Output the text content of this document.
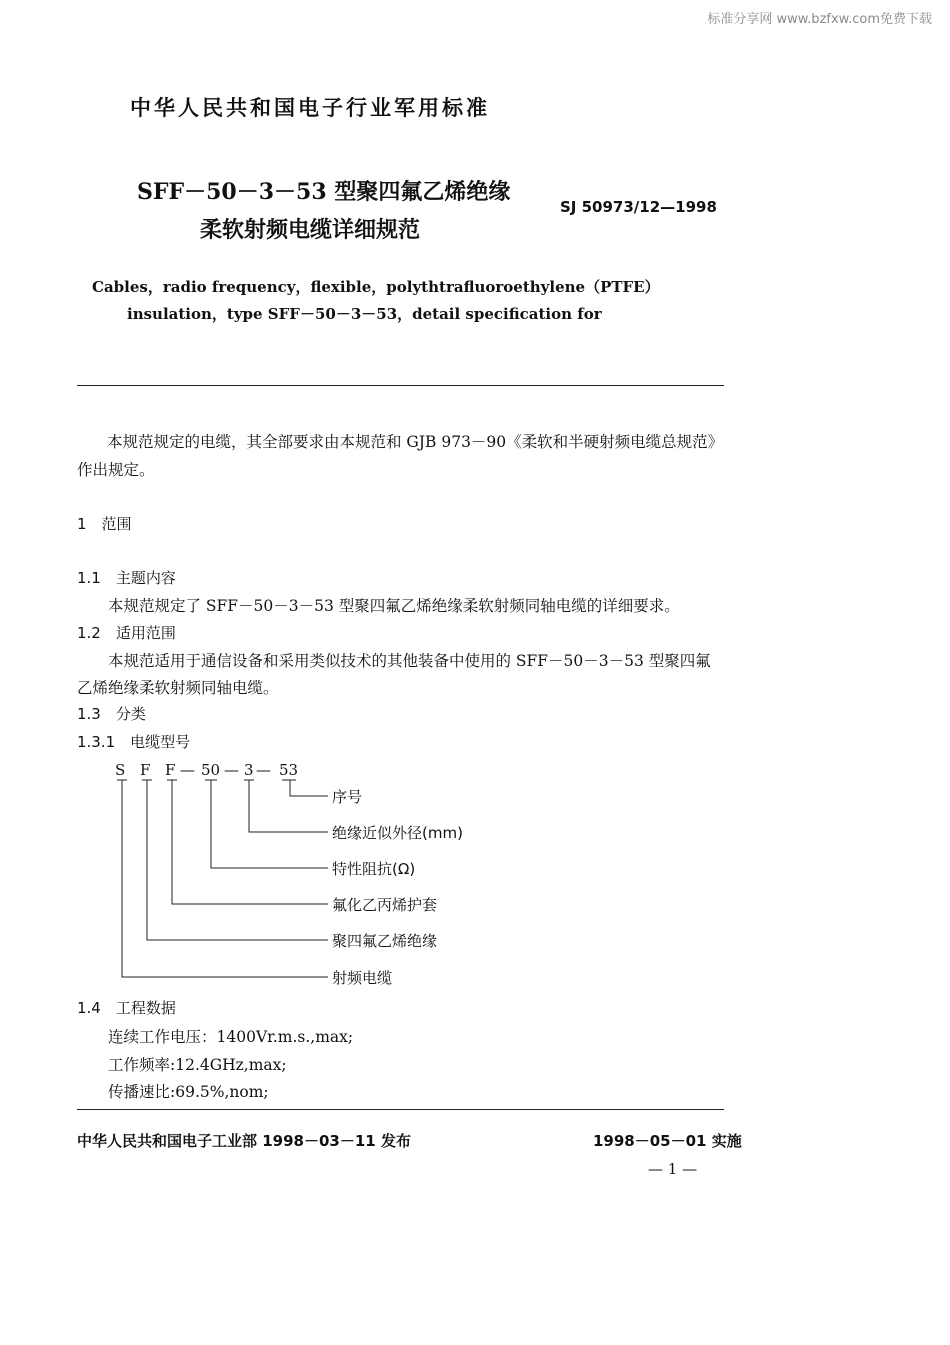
标准分享网 www.bzfxw.com免费下载
中华人民共和国电子行业军用标准
SFF－50－3－53 型聚四氟乙烯绝缘
柔软射频电缆详细规范
SJ 50973/12—1998
Cables，radio frequency，flexible，polythtrafluoroethylene（PTFE）
insulation，type SFF－50－3－53，detail specification for
本规范规定的电缆，其全部要求由本规范和 GJB 973－90《柔软和半硬射频电缆总规范》作出规定。
1　范围
1.1　主题内容
本规范规定了 SFF－50－3－53 型聚四氟乙烯绝缘柔软射频同轴电缆的详细要求。
1.2　适用范围
本规范适用于通信设备和采用类似技术的其他装备中使用的 SFF－50－3－53 型聚四氟
乙烯绝缘柔软射频同轴电缆。
1.3　分类
1.3.1　电缆型号
S F F — 50 — 3 — 53
序号
绝缘近似外径(mm)
特性阻抗(Ω)
氟化乙丙烯护套
聚四氟乙烯绝缘
射频电缆
1.4　工程数据
连续工作电压：1400Vr.m.s.,max;
工作频率:12.4GHz,max;
传播速比:69.5%,nom;
中华人民共和国电子工业部 1998－03－11 发布	1998－05－01 实施
— 1 —
